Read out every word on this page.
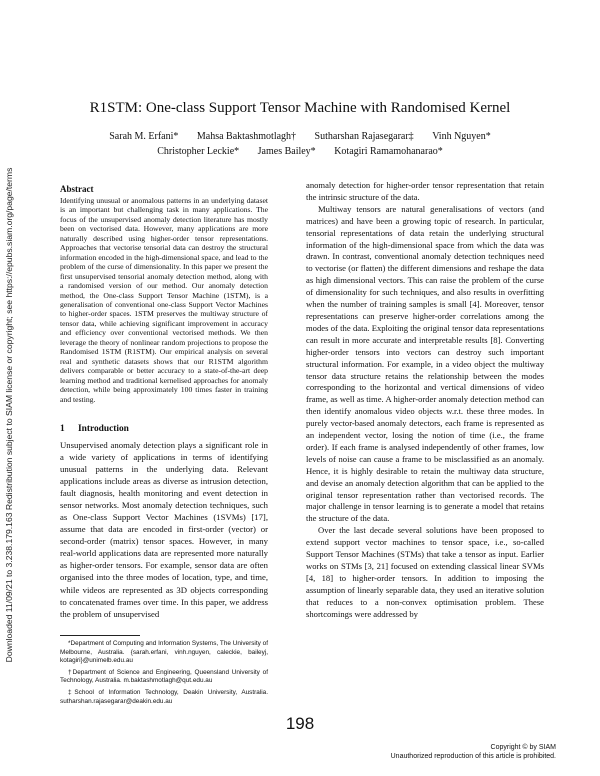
Downloaded 11/09/21 to 3.238.179.163 Redistribution subject to SIAM license or copyright; see https://epubs.siam.org/page/terms
R1STM: One-class Support Tensor Machine with Randomised Kernel
Sarah M. Erfani* Mahsa Baktashmotlagh† Sutharshan Rajasegarar‡ Vinh Nguyen*
Christopher Leckie* James Bailey* Kotagiri Ramamohanarao*
Abstract

Identifying unusual or anomalous patterns in an underlying dataset is an important but challenging task in many applications. The focus of the unsupervised anomaly detection literature has mostly been on vectorised data. However, many applications are more naturally described using higher-order tensor representations. Approaches that vectorise tensorial data can destroy the structural information encoded in the high-dimensional space, and lead to the problem of the curse of dimensionality. In this paper we present the first unsupervised tensorial anomaly detection method, along with a randomised version of our method. Our anomaly detection method, the One-class Support Tensor Machine (1STM), is a generalisation of conventional one-class Support Vector Machines to higher-order spaces. 1STM preserves the multiway structure of tensor data, while achieving significant improvement in accuracy and efficiency over conventional vectorised methods. We then leverage the theory of nonlinear random projections to propose the Randomised 1STM (R1STM). Our empirical analysis on several real and synthetic datasets shows that our R1STM algorithm delivers comparable or better accuracy to a state-of-the-art deep learning method and traditional kernelised approaches for anomaly detection, while being approximately 100 times faster in training and testing.

1 Introduction

Unsupervised anomaly detection plays a significant role in a wide variety of applications in terms of identifying unusual patterns in the underlying data. Relevant applications include areas as diverse as intrusion detection, fault diagnosis, health monitoring and event detection in sensor networks. Most anomaly detection techniques, such as One-class Support Vector Machines (1SVMs) [17], assume that data are encoded in first-order (vector) or second-order (matrix) tensor spaces. However, in many real-world applications data are represented more naturally as higher-order tensors. For example, sensor data are often organised into the three modes of location, type, and time, while videos are represented as 3D objects corresponding to concatenated frames over time. In this paper, we address the problem of unsupervised

*Department of Computing and Information Systems, The University of Melbourne, Australia. {sarah.erfani, vinh.nguyen, caleckie, baileyj, kotagiri}@unimelb.edu.au

†Department of Science and Engineering, Queensland University of Technology, Australia. m.baktashmotlagh@qut.edu.au

‡School of Information Technology, Deakin University, Australia. sutharshan.rajasegarar@deakin.edu.au

anomaly detection for higher-order tensor representation that retain the intrinsic structure of the data.

Multiway tensors are natural generalisations of vectors (and matrices) and have been a growing topic of research. In particular, tensorial representations of data retain the underlying structural information of the high-dimensional space from which the data was drawn. In contrast, conventional anomaly detection techniques need to vectorise (or flatten) the different dimensions and reshape the data as high dimensional vectors. This can raise the problem of the curse of dimensionality for such techniques, and also results in overfitting when the number of training samples is small [4]. Moreover, tensor representations can preserve higher-order correlations among the modes of the data. Exploiting the original tensor data representations can result in more accurate and interpretable results [8]. Converting higher-order tensors into vectors can destroy such important structural information. For example, in a video object the multiway tensor data structure retains the relationship between the modes corresponding to the horizontal and vertical dimensions of video frame, as well as time. A higher-order anomaly detection method can then identify anomalous video objects w.r.t. these three modes. In purely vector-based anomaly detectors, each frame is represented as an independent vector, losing the notion of time (i.e., the frame order). If each frame is analysed independently of other frames, low levels of noise can cause a frame to be misclassified as an anomaly. Hence, it is highly desirable to retain the multiway data structure, and devise an anomaly detection algorithm that can be applied to the original tensor representation rather than vectorised records. The major challenge in tensor learning is to generate a model that retains the structure of the data.

Over the last decade several solutions have been proposed to extend support vector machines to tensor space, i.e., so-called Support Tensor Machines (STMs) that take a tensor as input. Earlier works on STMs [3, 21] focused on extending classical linear SVMs [4, 18] to higher-order tensors. In addition to imposing the assumption of linearly separable data, they used an iterative solution that reduces to a non-convex optimisation problem. These shortcomings were addressed by

198
Copyright © by SIAM
Unauthorized reproduction of this article is prohibited.
